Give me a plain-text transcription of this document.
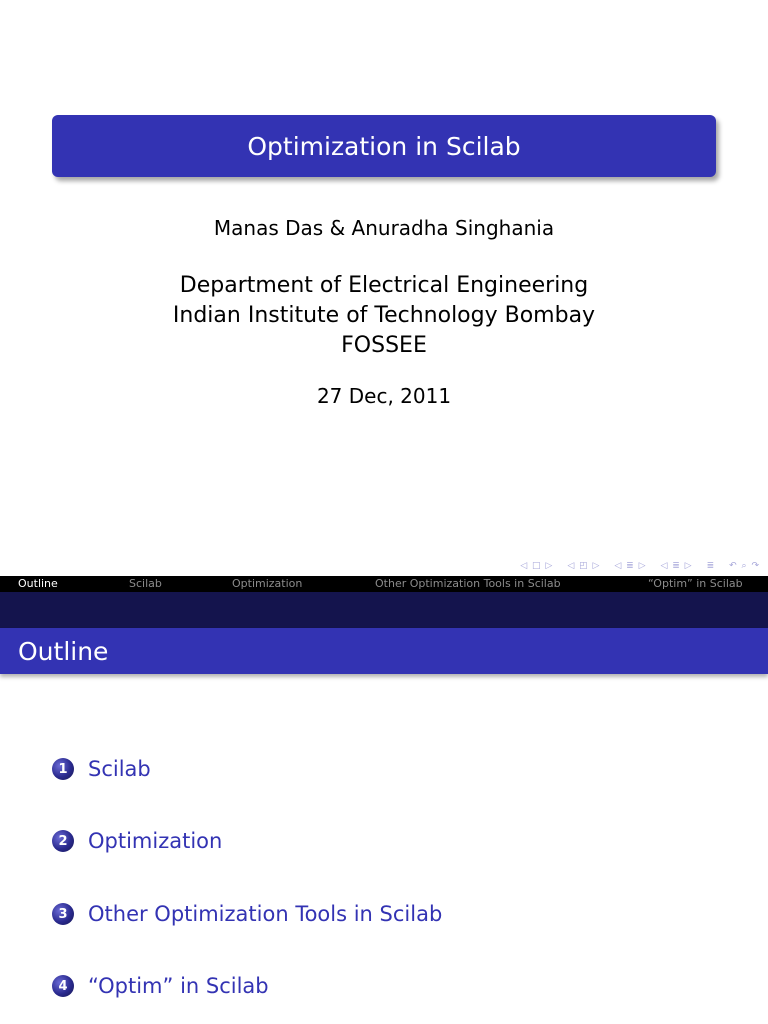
Optimization in Scilab
Manas Das & Anuradha Singhania
Department of Electrical Engineering
Indian Institute of Technology Bombay
FOSSEE
27 Dec, 2011
◁ □ ▷ ◁ ◰ ▷ ◁ ≣ ▷ ◁ ≣ ▷ ≣ ↶ ⌕ ↷
Outline	Scilab	Optimization	Other Optimization Tools in Scilab	“Optim” in Scilab
Outline
1 Scilab
2 Optimization
3 Other Optimization Tools in Scilab
4 “Optim” in Scilab
